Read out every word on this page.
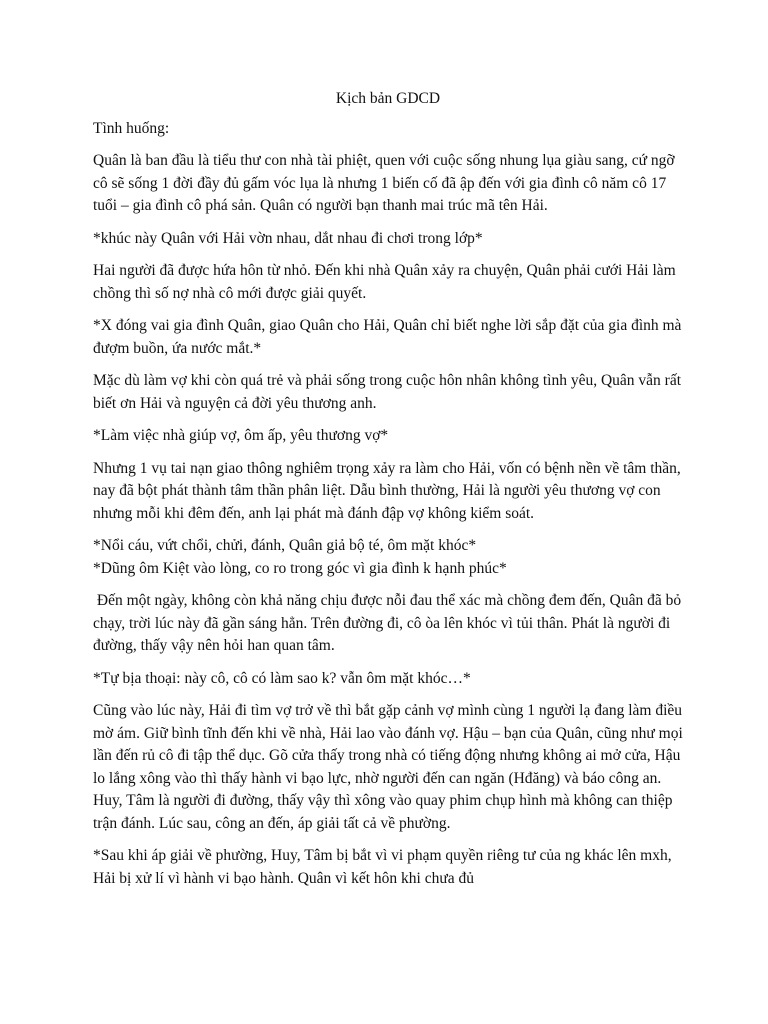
Kịch bản GDCD

Tình huống:

Quân là ban đầu là tiểu thư con nhà tài phiệt, quen với cuộc sống nhung lụa giàu sang, cứ ngỡ cô sẽ sống 1 đời đầy đủ gấm vóc lụa là nhưng 1 biến cố đã ập đến với gia đình cô năm cô 17 tuổi – gia đình cô phá sản. Quân có người bạn thanh mai trúc mã tên Hải.

*khúc này Quân với Hải vờn nhau, dắt nhau đi chơi trong lớp*

Hai người đã được hứa hôn từ nhỏ. Đến khi nhà Quân xảy ra chuyện, Quân phải cưới Hải làm chồng thì số nợ nhà cô mới được giải quyết.

*X đóng vai gia đình Quân, giao Quân cho Hải, Quân chỉ biết nghe lời sắp đặt của gia đình mà đượm buồn, ứa nước mắt.*

Mặc dù làm vợ khi còn quá trẻ và phải sống trong cuộc hôn nhân không tình yêu, Quân vẫn rất biết ơn Hải và nguyện cả đời yêu thương anh.

*Làm việc nhà giúp vợ, ôm ấp, yêu thương vợ*

Nhưng 1 vụ tai nạn giao thông nghiêm trọng xảy ra làm cho Hải, vốn có bệnh nền về tâm thần, nay đã bột phát thành tâm thần phân liệt. Dẫu bình thường, Hải là người yêu thương vợ con nhưng mỗi khi đêm đến, anh lại phát mà đánh đập vợ không kiểm soát.

*Nổi cáu, vứt chổi, chửi, đánh, Quân giả bộ té, ôm mặt khóc*

*Dũng ôm Kiệt vào lòng, co ro trong góc vì gia đình k hạnh phúc*

Đến một ngày, không còn khả năng chịu được nỗi đau thể xác mà chồng đem đến, Quân đã bỏ chạy, trời lúc này đã gần sáng hẳn. Trên đường đi, cô òa lên khóc vì tủi thân. Phát là người đi đường, thấy vậy nên hỏi han quan tâm.

*Tự bịa thoại: này cô, cô có làm sao k? vẫn ôm mặt khóc…*

Cũng vào lúc này, Hải đi tìm vợ trở về thì bắt gặp cảnh vợ mình cùng 1 người lạ đang làm điều mờ ám. Giữ bình tĩnh đến khi về nhà, Hải lao vào đánh vợ. Hậu – bạn của Quân, cũng như mọi lần đến rủ cô đi tập thể dục. Gõ cửa thấy trong nhà có tiếng động nhưng không ai mở cửa, Hậu lo lắng xông vào thì thấy hành vi bạo lực, nhờ người đến can ngăn (Hđăng) và báo công an. Huy, Tâm là người đi đường, thấy vậy thì xông vào quay phim chụp hình mà không can thiệp trận đánh. Lúc sau, công an đến, áp giải tất cả về phường.

*Sau khi áp giải về phường, Huy, Tâm bị bắt vì vi phạm quyền riêng tư của ng khác lên mxh, Hải bị xử lí vì hành vi bạo hành. Quân vì kết hôn khi chưa đủ
